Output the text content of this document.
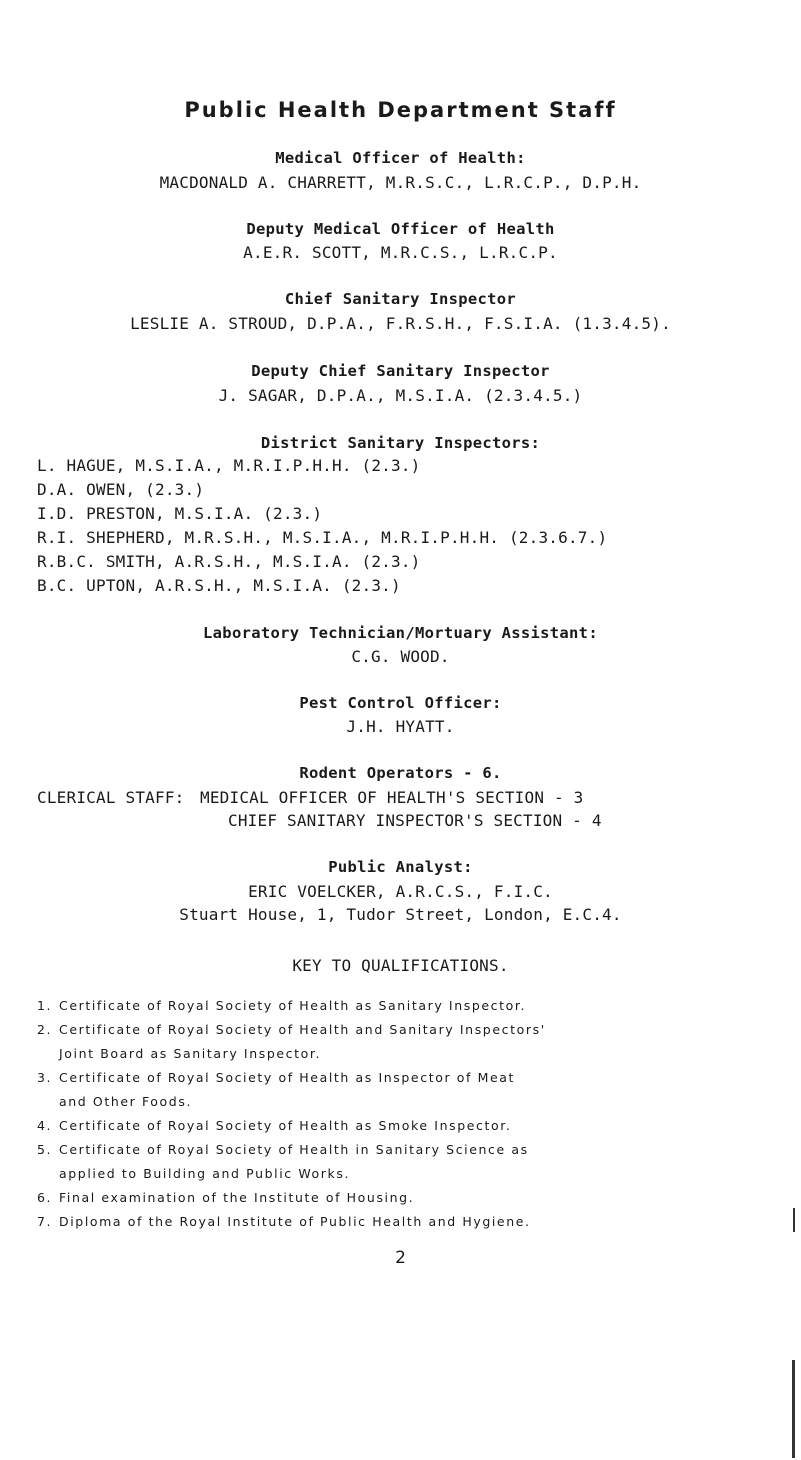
Public Health Department Staff
Medical Officer of Health:
MACDONALD A. CHARRETT, M.R.S.C., L.R.C.P., D.P.H.
Deputy Medical Officer of Health
A.E.R. SCOTT, M.R.C.S., L.R.C.P.
Chief Sanitary Inspector
LESLIE A. STROUD, D.P.A., F.R.S.H., F.S.I.A. (1.3.4.5).
Deputy Chief Sanitary Inspector
J. SAGAR, D.P.A., M.S.I.A. (2.3.4.5.)
District Sanitary Inspectors:
L. HAGUE, M.S.I.A., M.R.I.P.H.H. (2.3.)
D.A. OWEN, (2.3.)
I.D. PRESTON, M.S.I.A. (2.3.)
R.I. SHEPHERD, M.R.S.H., M.S.I.A., M.R.I.P.H.H. (2.3.6.7.)
R.B.C. SMITH, A.R.S.H., M.S.I.A. (2.3.)
B.C. UPTON, A.R.S.H., M.S.I.A. (2.3.)
Laboratory Technician/Mortuary Assistant:
C.G. WOOD.
Pest Control Officer:
J.H. HYATT.
Rodent Operators - 6.
CLERICAL STAFF: MEDICAL OFFICER OF HEALTH'S SECTION - 3
CHIEF SANITARY INSPECTOR'S SECTION - 4
Public Analyst:
ERIC VOELCKER, A.R.C.S., F.I.C.
Stuart House, 1, Tudor Street, London, E.C.4.
KEY TO QUALIFICATIONS.
1. Certificate of Royal Society of Health as Sanitary Inspector.
2. Certificate of Royal Society of Health and Sanitary Inspectors'
Joint Board as Sanitary Inspector.
3. Certificate of Royal Society of Health as Inspector of Meat
and Other Foods.
4. Certificate of Royal Society of Health as Smoke Inspector.
5. Certificate of Royal Society of Health in Sanitary Science as
applied to Building and Public Works.
6. Final examination of the Institute of Housing.
7. Diploma of the Royal Institute of Public Health and Hygiene.
2
